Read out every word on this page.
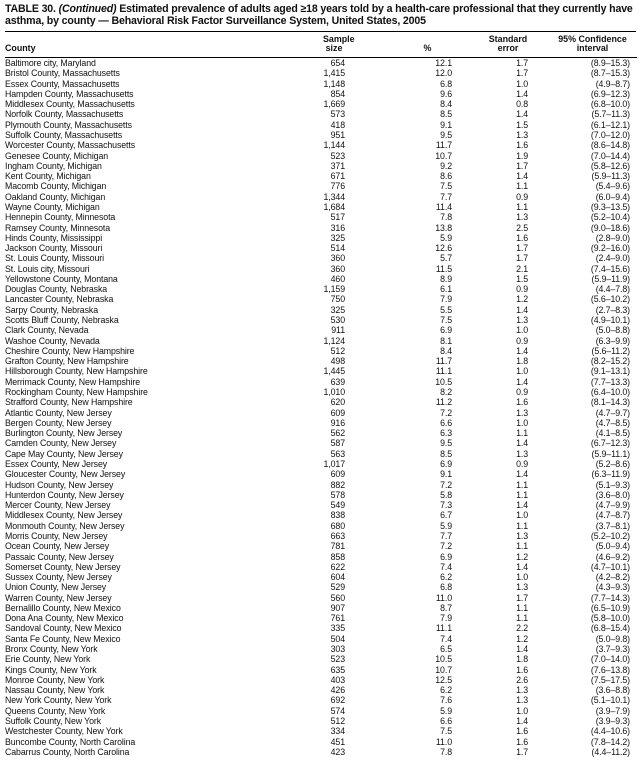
TABLE 30. (Continued) Estimated prevalence of adults aged ≥18 years told by a health-care professional that they currently have asthma, by county — Behavioral Risk Factor Surveillance System, United States, 2005
County	Sample
size	%	Standard
error	95% Confidence
interval
Baltimore city, Maryland	654	12.1	1.7	(8.9–15.3)
Bristol County, Massachusetts	1,415	12.0	1.7	(8.7–15.3)
Essex County, Massachusetts	1,148	6.8	1.0	(4.9–8.7)
Hampden County, Massachusetts	854	9.6	1.4	(6.9–12.3)
Middlesex County, Massachusetts	1,669	8.4	0.8	(6.8–10.0)
Norfolk County, Massachusetts	573	8.5	1.4	(5.7–11.3)
Plymouth County, Massachusetts	418	9.1	1.5	(6.1–12.1)
Suffolk County, Massachusetts	951	9.5	1.3	(7.0–12.0)
Worcester County, Massachusetts	1,144	11.7	1.6	(8.6–14.8)
Genesee County, Michigan	523	10.7	1.9	(7.0–14.4)
Ingham County, Michigan	371	9.2	1.7	(5.8–12.6)
Kent County, Michigan	671	8.6	1.4	(5.9–11.3)
Macomb County, Michigan	776	7.5	1.1	(5.4–9.6)
Oakland County, Michigan	1,344	7.7	0.9	(6.0–9.4)
Wayne County, Michigan	1,684	11.4	1.1	(9.3–13.5)
Hennepin County, Minnesota	517	7.8	1.3	(5.2–10.4)
Ramsey County, Minnesota	316	13.8	2.5	(9.0–18.6)
Hinds County, Mississippi	325	5.9	1.6	(2.8–9.0)
Jackson County, Missouri	514	12.6	1.7	(9.2–16.0)
St. Louis County, Missouri	360	5.7	1.7	(2.4–9.0)
St. Louis city, Missouri	360	11.5	2.1	(7.4–15.6)
Yellowstone County, Montana	460	8.9	1.5	(5.9–11.9)
Douglas County, Nebraska	1,159	6.1	0.9	(4.4–7.8)
Lancaster County, Nebraska	750	7.9	1.2	(5.6–10.2)
Sarpy County, Nebraska	325	5.5	1.4	(2.7–8.3)
Scotts Bluff County, Nebraska	530	7.5	1.3	(4.9–10.1)
Clark County, Nevada	911	6.9	1.0	(5.0–8.8)
Washoe County, Nevada	1,124	8.1	0.9	(6.3–9.9)
Cheshire County, New Hampshire	512	8.4	1.4	(5.6–11.2)
Grafton County, New Hampshire	498	11.7	1.8	(8.2–15.2)
Hillsborough County, New Hampshire	1,445	11.1	1.0	(9.1–13.1)
Merrimack County, New Hampshire	639	10.5	1.4	(7.7–13.3)
Rockingham County, New Hampshire	1,010	8.2	0.9	(6.4–10.0)
Strafford County, New Hampshire	620	11.2	1.6	(8.1–14.3)
Atlantic County, New Jersey	609	7.2	1.3	(4.7–9.7)
Bergen County, New Jersey	916	6.6	1.0	(4.7–8.5)
Burlington County, New Jersey	562	6.3	1.1	(4.1–8.5)
Camden County, New Jersey	587	9.5	1.4	(6.7–12.3)
Cape May County, New Jersey	563	8.5	1.3	(5.9–11.1)
Essex County, New Jersey	1,017	6.9	0.9	(5.2–8.6)
Gloucester County, New Jersey	609	9.1	1.4	(6.3–11.9)
Hudson County, New Jersey	882	7.2	1.1	(5.1–9.3)
Hunterdon County, New Jersey	578	5.8	1.1	(3.6–8.0)
Mercer County, New Jersey	549	7.3	1.4	(4.7–9.9)
Middlesex County, New Jersey	838	6.7	1.0	(4.7–8.7)
Monmouth County, New Jersey	680	5.9	1.1	(3.7–8.1)
Morris County, New Jersey	663	7.7	1.3	(5.2–10.2)
Ocean County, New Jersey	781	7.2	1.1	(5.0–9.4)
Passaic County, New Jersey	858	6.9	1.2	(4.6–9.2)
Somerset County, New Jersey	622	7.4	1.4	(4.7–10.1)
Sussex County, New Jersey	604	6.2	1.0	(4.2–8.2)
Union County, New Jersey	529	6.8	1.3	(4.3–9.3)
Warren County, New Jersey	560	11.0	1.7	(7.7–14.3)
Bernalillo County, New Mexico	907	8.7	1.1	(6.5–10.9)
Dona Ana County, New Mexico	761	7.9	1.1	(5.8–10.0)
Sandoval County, New Mexico	335	11.1	2.2	(6.8–15.4)
Santa Fe County, New Mexico	504	7.4	1.2	(5.0–9.8)
Bronx County, New York	303	6.5	1.4	(3.7–9.3)
Erie County, New York	523	10.5	1.8	(7.0–14.0)
Kings County, New York	635	10.7	1.6	(7.6–13.8)
Monroe County, New York	403	12.5	2.6	(7.5–17.5)
Nassau County, New York	426	6.2	1.3	(3.6–8.8)
New York County, New York	692	7.6	1.3	(5.1–10.1)
Queens County, New York	574	5.9	1.0	(3.9–7.9)
Suffolk County, New York	512	6.6	1.4	(3.9–9.3)
Westchester County, New York	334	7.5	1.6	(4.4–10.6)
Buncombe County, North Carolina	451	11.0	1.6	(7.8–14.2)
Cabarrus County, North Carolina	423	7.8	1.7	(4.4–11.2)
